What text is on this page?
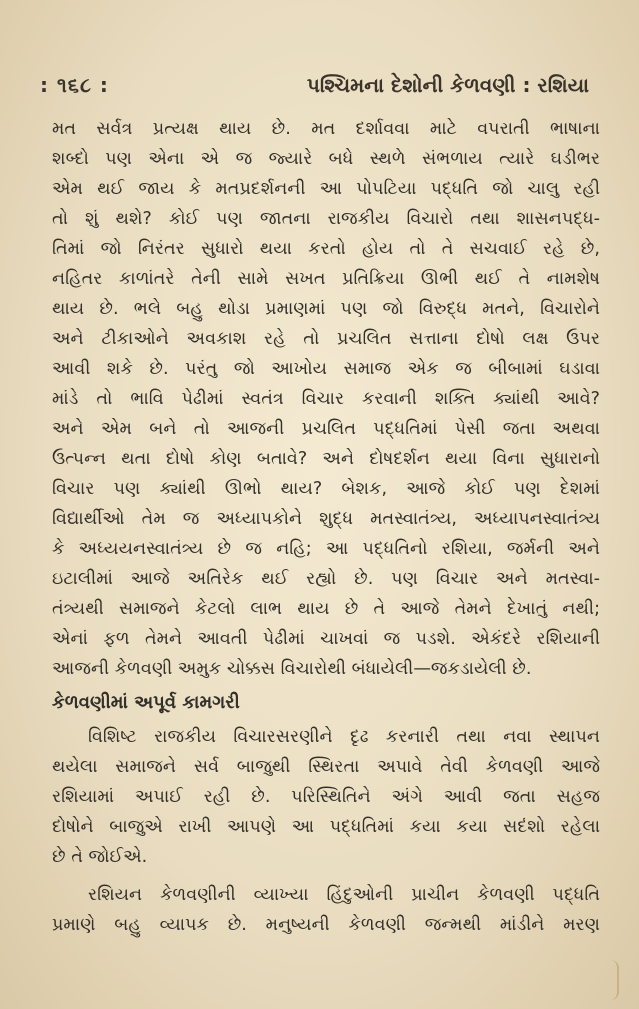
: ૧૬૮ :	પશ્ચિમના દેશોની કેળવણી : રશિયા
મત સર્વત્ર પ્રત્યક્ષ થાય છે. મત દર્શાવવા માટે વપરાતી ભાષાના
શબ્દો પણ એના એ જ જ્યારે બધે સ્થળે સંભળાય ત્યારે ઘડીભર
એમ થઈ જાય કે મતપ્રદર્શનની આ પોપટિયા પદ્ધતિ જો ચાલુ રહી
તો શું થશે? કોઈ પણ જાતના રાજકીય વિચારો તથા શાસનપદ્ધ-
તિમાં જો નિરંતર સુધારો થયા કરતો હોય તો તે સચવાઈ રહે છે,
નહિતર કાળાંતરે તેની સામે સખત પ્રતિક્રિયા ઊભી થઈ તે નામશેષ
થાય છે. ભલે બહુ થોડા પ્રમાણમાં પણ જો વિરુદ્ધ મતને, વિચારોને
અને ટીકાઓને અવકાશ રહે તો પ્રચલિત સત્તાના દોષો લક્ષ ઉપર
આવી શકે છે. પરંતુ જો આખોય સમાજ એક જ બીબામાં ઘડાવા
માંડે તો ભાવિ પેઢીમાં સ્વતંત્ર વિચાર કરવાની શક્તિ ક્યાંથી આવે?
અને એમ બને તો આજની પ્રચલિત પદ્ધતિમાં પેસી જતા અથવા
ઉત્પન્ન થતા દોષો કોણ બતાવે? અને દોષદર્શન થયા વિના સુધારાનો
વિચાર પણ ક્યાંથી ઊભો થાય? બેશક, આજે કોઈ પણ દેશમાં
વિદ્યાર્થીઓ તેમ જ અધ્યાપકોને શુદ્ધ મતસ્વાતંત્ર્ય, અધ્યાપનસ્વાતંત્ર્ય
કે અધ્યયનસ્વાતંત્ર્ય છે જ નહિ; આ પદ્ધતિનો રશિયા, જર્મની અને
ઇટાલીમાં આજે અતિરેક થઈ રહ્યો છે. પણ વિચાર અને મતસ્વા-
તંત્ર્યથી સમાજને કેટલો લાભ થાય છે તે આજે તેમને દેખાતું નથી;
એનાં ફળ તેમને આવતી પેઢીમાં ચાખવાં જ પડશે. એકંદરે રશિયાની
આજની કેળવણી અમુક ચોક્કસ વિચારોથી બંધાયેલી—જકડાયેલી છે.
કેળવણીમાં અપૂર્વ કામગરી
વિશિષ્ટ રાજકીય વિચારસરણીને દૃઢ કરનારી તથા નવા સ્થાપન
થયેલા સમાજને સર્વ બાજુથી સ્થિરતા અપાવે તેવી કેળવણી આજે
રશિયામાં અપાઈ રહી છે. પરિસ્થિતિને અંગે આવી જતા સહજ
દોષોને બાજુએ રાખી આપણે આ પદ્ધતિમાં કયા કયા સદંશો રહેલા
છે તે જોઈએ.
રશિયન કેળવણીની વ્યાખ્યા હિંદુઓની પ્રાચીન કેળવણી પદ્ધતિ
પ્રમાણે બહુ વ્યાપક છે. મનુષ્યની કેળવણી જન્મથી માંડીને મરણ
